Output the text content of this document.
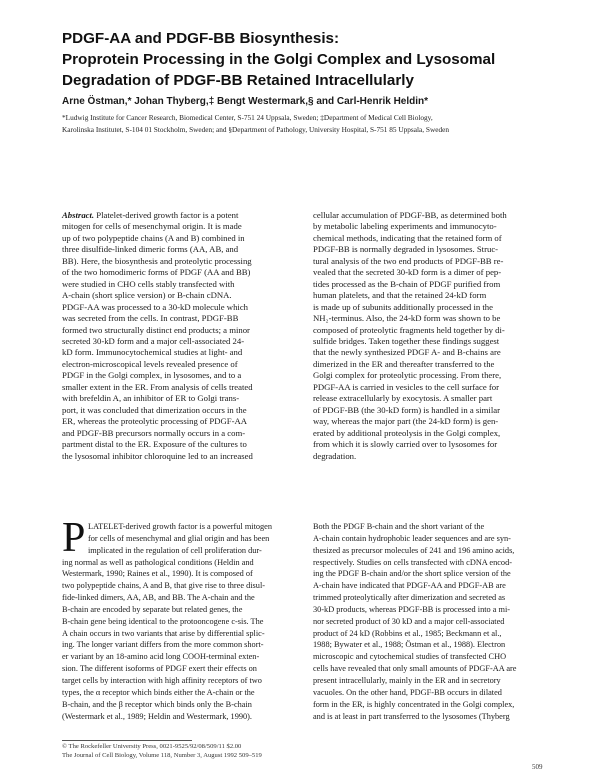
PDGF-AA and PDGF-BB Biosynthesis:
Proprotein Processing in the Golgi Complex and Lysosomal
Degradation of PDGF-BB Retained Intracellularly
Arne Östman,* Johan Thyberg,‡ Bengt Westermark,§ and Carl-Henrik Heldin*
*Ludwig Institute for Cancer Research, Biomedical Center, S-751 24 Uppsala, Sweden; ‡Department of Medical Cell Biology,
Karolinska Institutet, S-104 01 Stockholm, Sweden; and §Department of Pathology, University Hospital, S-751 85 Uppsala, Sweden
Abstract. Platelet-derived growth factor is a potent
mitogen for cells of mesenchymal origin. It is made
up of two polypeptide chains (A and B) combined in
three disulfide-linked dimeric forms (AA, AB, and
BB). Here, the biosynthesis and proteolytic processing
of the two homodimeric forms of PDGF (AA and BB)
were studied in CHO cells stably transfected with
A-chain (short splice version) or B-chain cDNA.
PDGF-AA was processed to a 30-kD molecule which
was secreted from the cells. In contrast, PDGF-BB
formed two structurally distinct end products; a minor
secreted 30-kD form and a major cell-associated 24-
kD form. Immunocytochemical studies at light- and
electron-microscopical levels revealed presence of
PDGF in the Golgi complex, in lysosomes, and to a
smaller extent in the ER. From analysis of cells treated
with brefeldin A, an inhibitor of ER to Golgi trans-
port, it was concluded that dimerization occurs in the
ER, whereas the proteolytic processing of PDGF-AA
and PDGF-BB precursors normally occurs in a com-
partment distal to the ER. Exposure of the cultures to
the lysosomal inhibitor chloroquine led to an increased
cellular accumulation of PDGF-BB, as determined both
by metabolic labeling experiments and immunocyto-
chemical methods, indicating that the retained form of
PDGF-BB is normally degraded in lysosomes. Struc-
tural analysis of the two end products of PDGF-BB re-
vealed that the secreted 30-kD form is a dimer of pep-
tides processed as the B-chain of PDGF purified from
human platelets, and that the retained 24-kD form
is made up of subunits additionally processed in the
NH₂-terminus. Also, the 24-kD form was shown to be
composed of proteolytic fragments held together by di-
sulfide bridges. Taken together these findings suggest
that the newly synthesized PDGF A- and B-chains are
dimerized in the ER and thereafter transferred to the
Golgi complex for proteolytic processing. From there,
PDGF-AA is carried in vesicles to the cell surface for
release extracellularly by exocytosis. A smaller part
of PDGF-BB (the 30-kD form) is handled in a similar
way, whereas the major part (the 24-kD form) is gen-
erated by additional proteolysis in the Golgi complex,
from which it is slowly carried over to lysosomes for
degradation.
P LATELET-derived growth factor is a powerful mitogen
for cells of mesenchymal and glial origin and has been
implicated in the regulation of cell proliferation dur-
ing normal as well as pathological conditions (Heldin and
Westermark, 1990; Raines et al., 1990). It is composed of
two polypeptide chains, A and B, that give rise to three disul-
fide-linked dimers, AA, AB, and BB. The A-chain and the
B-chain are encoded by separate but related genes, the
B-chain gene being identical to the protooncogene c-sis. The
A chain occurs in two variants that arise by differential splic-
ing. The longer variant differs from the more common short-
er variant by an 18-amino acid long COOH-terminal exten-
sion. The different isoforms of PDGF exert their effects on
target cells by interaction with high affinity receptors of two
types, the α receptor which binds either the A-chain or the
B-chain, and the β receptor which binds only the B-chain
(Westermark et al., 1989; Heldin and Westermark, 1990).
Both the PDGF B-chain and the short variant of the
A-chain contain hydrophobic leader sequences and are syn-
thesized as precursor molecules of 241 and 196 amino acids,
respectively. Studies on cells transfected with cDNA encod-
ing the PDGF B-chain and/or the short splice version of the
A-chain have indicated that PDGF-AA and PDGF-AB are
trimmed proteolytically after dimerization and secreted as
30-kD products, whereas PDGF-BB is processed into a mi-
nor secreted product of 30 kD and a major cell-associated
product of 24 kD (Robbins et al., 1985; Beckmann et al.,
1988; Bywater et al., 1988; Östman et al., 1988). Electron
microscopic and cytochemical studies of transfected CHO
cells have revealed that only small amounts of PDGF-AA are
present intracellularly, mainly in the ER and in secretory
vacuoles. On the other hand, PDGF-BB occurs in dilated
form in the ER, is highly concentrated in the Golgi complex,
and is at least in part transferred to the lysosomes (Thyberg
© The Rockefeller University Press, 0021-9525/92/08/509/11 $2.00
The Journal of Cell Biology, Volume 118, Number 3, August 1992 509–519
509
